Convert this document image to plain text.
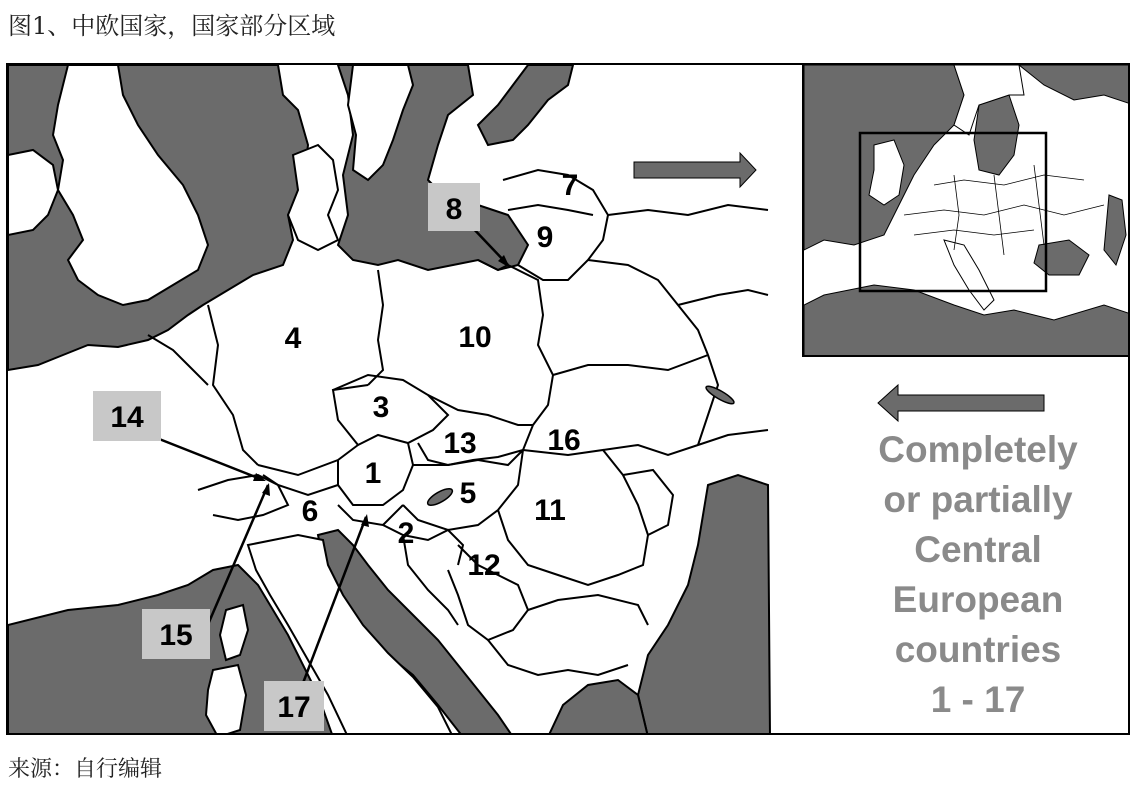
图1、中欧国家，国家部分区域
1
2
3
4
5
6
7
9
10
11
12
13 16
8
14
15
17
Completely
or partially
Central
European
countries
1 - 17
来源：自行编辑
